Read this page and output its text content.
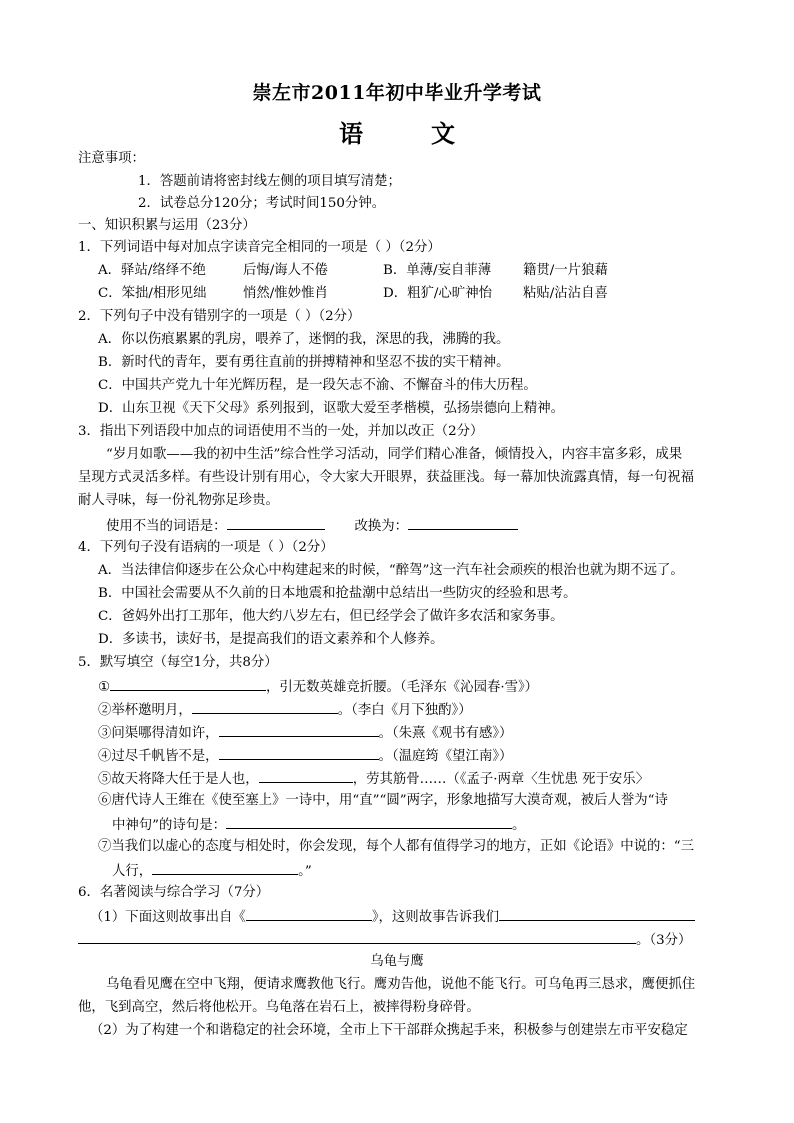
崇左市2011年初中毕业升学考试
语　文
注意事项：
1．答题前请将密封线左侧的项目填写清楚；
2．试卷总分120分；考试时间150分钟。
一、知识积累与运用（23分）
1．下列词语中每对加点字读音完全相同的一项是（ ）（2分）
A．驿站/络绎不绝	后悔/诲人不倦	B．单薄/妄自菲薄 籍贯/一片狼藉
C．笨拙/相形见绌	悄然/惟妙惟肖	D．粗犷/心旷神怡 粘贴/沾沾自喜
2．下列句子中没有错别字的一项是（ ）（2分）
A．你以伤痕累累的乳房，喂养了，迷惘的我，深思的我，沸腾的我。
B．新时代的青年，要有勇往直前的拼搏精神和坚忍不拔的实干精神。
C．中国共产党九十年光辉历程，是一段矢志不渝、不懈奋斗的伟大历程。
D．山东卫视《天下父母》系列报到，讴歌大爱至孝楷模，弘扬崇德向上精神。
3．指出下列语段中加点的词语使用不当的一处，并加以改正（2分）
“岁月如歌——我的初中生活”综合性学习活动，同学们精心准备，倾情投入，内容丰富多彩，成果
呈现方式灵活多样。有些设计别有用心，令大家大开眼界，获益匪浅。每一幕加快流露真情，每一句祝福
耐人寻味，每一份礼物弥足珍贵。
使用不当的词语是：	改换为：
4．下列句子没有语病的一项是（ ）（2分）
A．当法律信仰逐步在公众心中构建起来的时候，“醉驾”这一汽车社会顽疾的根治也就为期不远了。
B．中国社会需要从不久前的日本地震和抢盐潮中总结出一些防灾的经验和思考。
C．爸妈外出打工那年，他大约八岁左右，但已经学会了做许多农活和家务事。
D．多读书，读好书，是提高我们的语文素养和个人修养。
5．默写填空（每空1分，共8分）
①	，引无数英雄竞折腰。（毛泽东《沁园春·雪》）
②举杯邀明月，	。（李白《月下独酌》）
③问渠哪得清如许，	。（朱熹《观书有感》）
④过尽千帆皆不是，	。（温庭筠《望江南》）
⑤故天将降大任于是人也，	，劳其筋骨……（《孟子·两章〈生忧患 死于安乐〉
⑥唐代诗人王维在《使至塞上》一诗中，用“直”“圆”两字，形象地描写大漠奇观，被后人誉为“诗
中神句”的诗句是：	。
⑦当我们以虚心的态度与相处时，你会发现，每个人都有值得学习的地方，正如《论语》中说的：“三
人行，	。”
6．名著阅读与综合学习（7分）
（1）下面这则故事出自《	》，这则故事告诉我们
。（3分）
乌龟与鹰
乌龟看见鹰在空中飞翔，便请求鹰教他飞行。鹰劝告他，说他不能飞行。可乌龟再三恳求，鹰便抓住
他，飞到高空，然后将他松开。乌龟落在岩石上，被摔得粉身碎骨。
（2）为了构建一个和谐稳定的社会环境，全市上下干部群众携起手来，积极参与创建崇左市平安稳定
